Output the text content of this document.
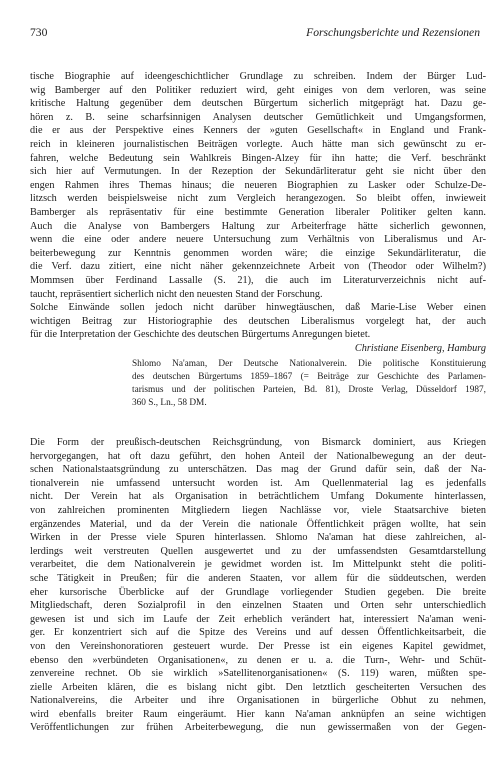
730	Forschungsberichte und Rezensionen
tische Biographie auf ideengeschichtlicher Grundlage zu schreiben. Indem der Bürger Lud-
wig Bamberger auf den Politiker reduziert wird, geht einiges von dem verloren, was seine
kritische Haltung gegenüber dem deutschen Bürgertum sicherlich mitgeprägt hat. Dazu ge-
hören z. B. seine scharfsinnigen Analysen deutscher Gemütlichkeit und Umgangsformen,
die er aus der Perspektive eines Kenners der »guten Gesellschaft« in England und Frank-
reich in kleineren journalistischen Beiträgen vorlegte. Auch hätte man sich gewünscht zu er-
fahren, welche Bedeutung sein Wahlkreis Bingen-Alzey für ihn hatte; die Verf. beschränkt
sich hier auf Vermutungen. In der Rezeption der Sekundärliteratur geht sie nicht über den
engen Rahmen ihres Themas hinaus; die neueren Biographien zu Lasker oder Schulze-De-
litzsch werden beispielsweise nicht zum Vergleich herangezogen. So bleibt offen, inwieweit
Bamberger als repräsentativ für eine bestimmte Generation liberaler Politiker gelten kann.
Auch die Analyse von Bambergers Haltung zur Arbeiterfrage hätte sicherlich gewonnen,
wenn die eine oder andere neuere Untersuchung zum Verhältnis von Liberalismus und Ar-
beiterbewegung zur Kenntnis genommen worden wäre; die einzige Sekundärliteratur, die
die Verf. dazu zitiert, eine nicht näher gekennzeichnete Arbeit von (Theodor oder Wilhelm?)
Mommsen über Ferdinand Lassalle (S. 21), die auch im Literaturverzeichnis nicht auf-
taucht, repräsentiert sicherlich nicht den neuesten Stand der Forschung.
Solche Einwände sollen jedoch nicht darüber hinwegtäuschen, daß Marie-Lise Weber einen
wichtigen Beitrag zur Historiographie des deutschen Liberalismus vorgelegt hat, der auch
für die Interpretation der Geschichte des deutschen Bürgertums Anregungen bietet.
Christiane Eisenberg, Hamburg
Shlomo Na'aman, Der Deutsche Nationalverein. Die politische Konstituierung
des deutschen Bürgertums 1859–1867 (= Beiträge zur Geschichte des Parlamen-
tarismus und der politischen Parteien, Bd. 81), Droste Verlag, Düsseldorf 1987,
360 S., Ln., 58 DM.
Die Form der preußisch-deutschen Reichsgründung, von Bismarck dominiert, aus Kriegen
hervorgegangen, hat oft dazu geführt, den hohen Anteil der Nationalbewegung an der deut-
schen Nationalstaatsgründung zu unterschätzen. Das mag der Grund dafür sein, daß der Na-
tionalverein nie umfassend untersucht worden ist. Am Quellenmaterial lag es jedenfalls
nicht. Der Verein hat als Organisation in beträchtlichem Umfang Dokumente hinterlassen,
von zahlreichen prominenten Mitgliedern liegen Nachlässe vor, viele Staatsarchive bieten
ergänzendes Material, und da der Verein die nationale Öffentlichkeit prägen wollte, hat sein
Wirken in der Presse viele Spuren hinterlassen. Shlomo Na'aman hat diese zahlreichen, al-
lerdings weit verstreuten Quellen ausgewertet und zu der umfassendsten Gesamtdarstellung
verarbeitet, die dem Nationalverein je gewidmet worden ist. Im Mittelpunkt steht die politi-
sche Tätigkeit in Preußen; für die anderen Staaten, vor allem für die süddeutschen, werden
eher kursorische Überblicke auf der Grundlage vorliegender Studien gegeben. Die breite
Mitgliedschaft, deren Sozialprofil in den einzelnen Staaten und Orten sehr unterschiedlich
gewesen ist und sich im Laufe der Zeit erheblich verändert hat, interessiert Na'aman weni-
ger. Er konzentriert sich auf die Spitze des Vereins und auf dessen Öffentlichkeitsarbeit, die
von den Vereinshonoratioren gesteuert wurde. Der Presse ist ein eigenes Kapitel gewidmet,
ebenso den »verbündeten Organisationen«, zu denen er u. a. die Turn-, Wehr- und Schüt-
zenvereine rechnet. Ob sie wirklich »Satellitenorganisationen« (S. 119) waren, müßten spe-
zielle Arbeiten klären, die es bislang nicht gibt. Den letztlich gescheiterten Versuchen des
Nationalvereins, die Arbeiter und ihre Organisationen in bürgerliche Obhut zu nehmen,
wird ebenfalls breiter Raum eingeräumt. Hier kann Na'aman anknüpfen an seine wichtigen
Veröffentlichungen zur frühen Arbeiterbewegung, die nun gewissermaßen von der Gegen-
